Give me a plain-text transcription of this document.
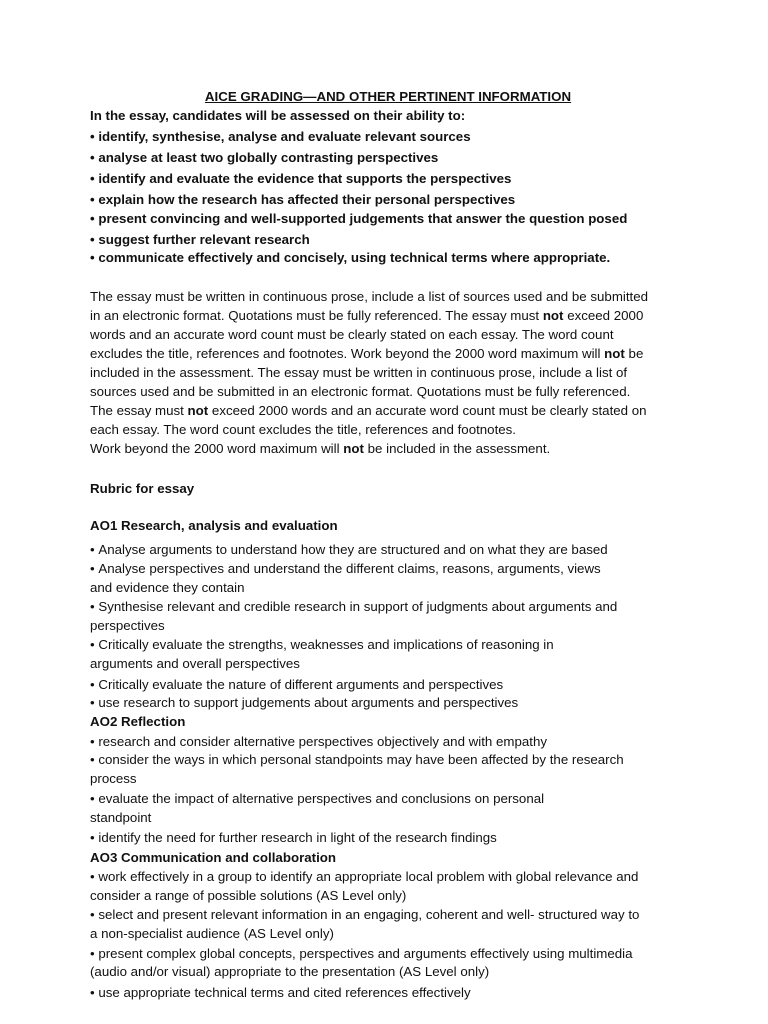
AICE GRADING—AND OTHER PERTINENT INFORMATION
In the essay, candidates will be assessed on their ability to:
• identify, synthesise, analyse and evaluate relevant sources
• analyse at least two globally contrasting perspectives
• identify and evaluate the evidence that supports the perspectives
• explain how the research has affected their personal perspectives
• present convincing and well-supported judgements that answer the question posed
• suggest further relevant research
• communicate effectively and concisely, using technical terms where appropriate.
The essay must be written in continuous prose, include a list of sources used and be submitted
in an electronic format. Quotations must be fully referenced. The essay must not exceed 2000
words and an accurate word count must be clearly stated on each essay. The word count
excludes the title, references and footnotes. Work beyond the 2000 word maximum will not be
included in the assessment. The essay must be written in continuous prose, include a list of
sources used and be submitted in an electronic format. Quotations must be fully referenced.
The essay must not exceed 2000 words and an accurate word count must be clearly stated on
each essay. The word count excludes the title, references and footnotes.
Work beyond the 2000 word maximum will not be included in the assessment.
Rubric for essay
AO1 Research, analysis and evaluation
• Analyse arguments to understand how they are structured and on what they are based
• Analyse perspectives and understand the different claims, reasons, arguments, views
and evidence they contain
• Synthesise relevant and credible research in support of judgments about arguments and
perspectives
• Critically evaluate the strengths, weaknesses and implications of reasoning in
arguments and overall perspectives
• Critically evaluate the nature of different arguments and perspectives
• use research to support judgements about arguments and perspectives
AO2 Reflection
• research and consider alternative perspectives objectively and with empathy
• consider the ways in which personal standpoints may have been affected by the research
process
• evaluate the impact of alternative perspectives and conclusions on personal
standpoint
• identify the need for further research in light of the research findings
AO3 Communication and collaboration
• work effectively in a group to identify an appropriate local problem with global relevance and
consider a range of possible solutions (AS Level only)
• select and present relevant information in an engaging, coherent and well- structured way to
a non-specialist audience (AS Level only)
• present complex global concepts, perspectives and arguments effectively using multimedia
(audio and/or visual) appropriate to the presentation (AS Level only)
• use appropriate technical terms and cited references effectively
